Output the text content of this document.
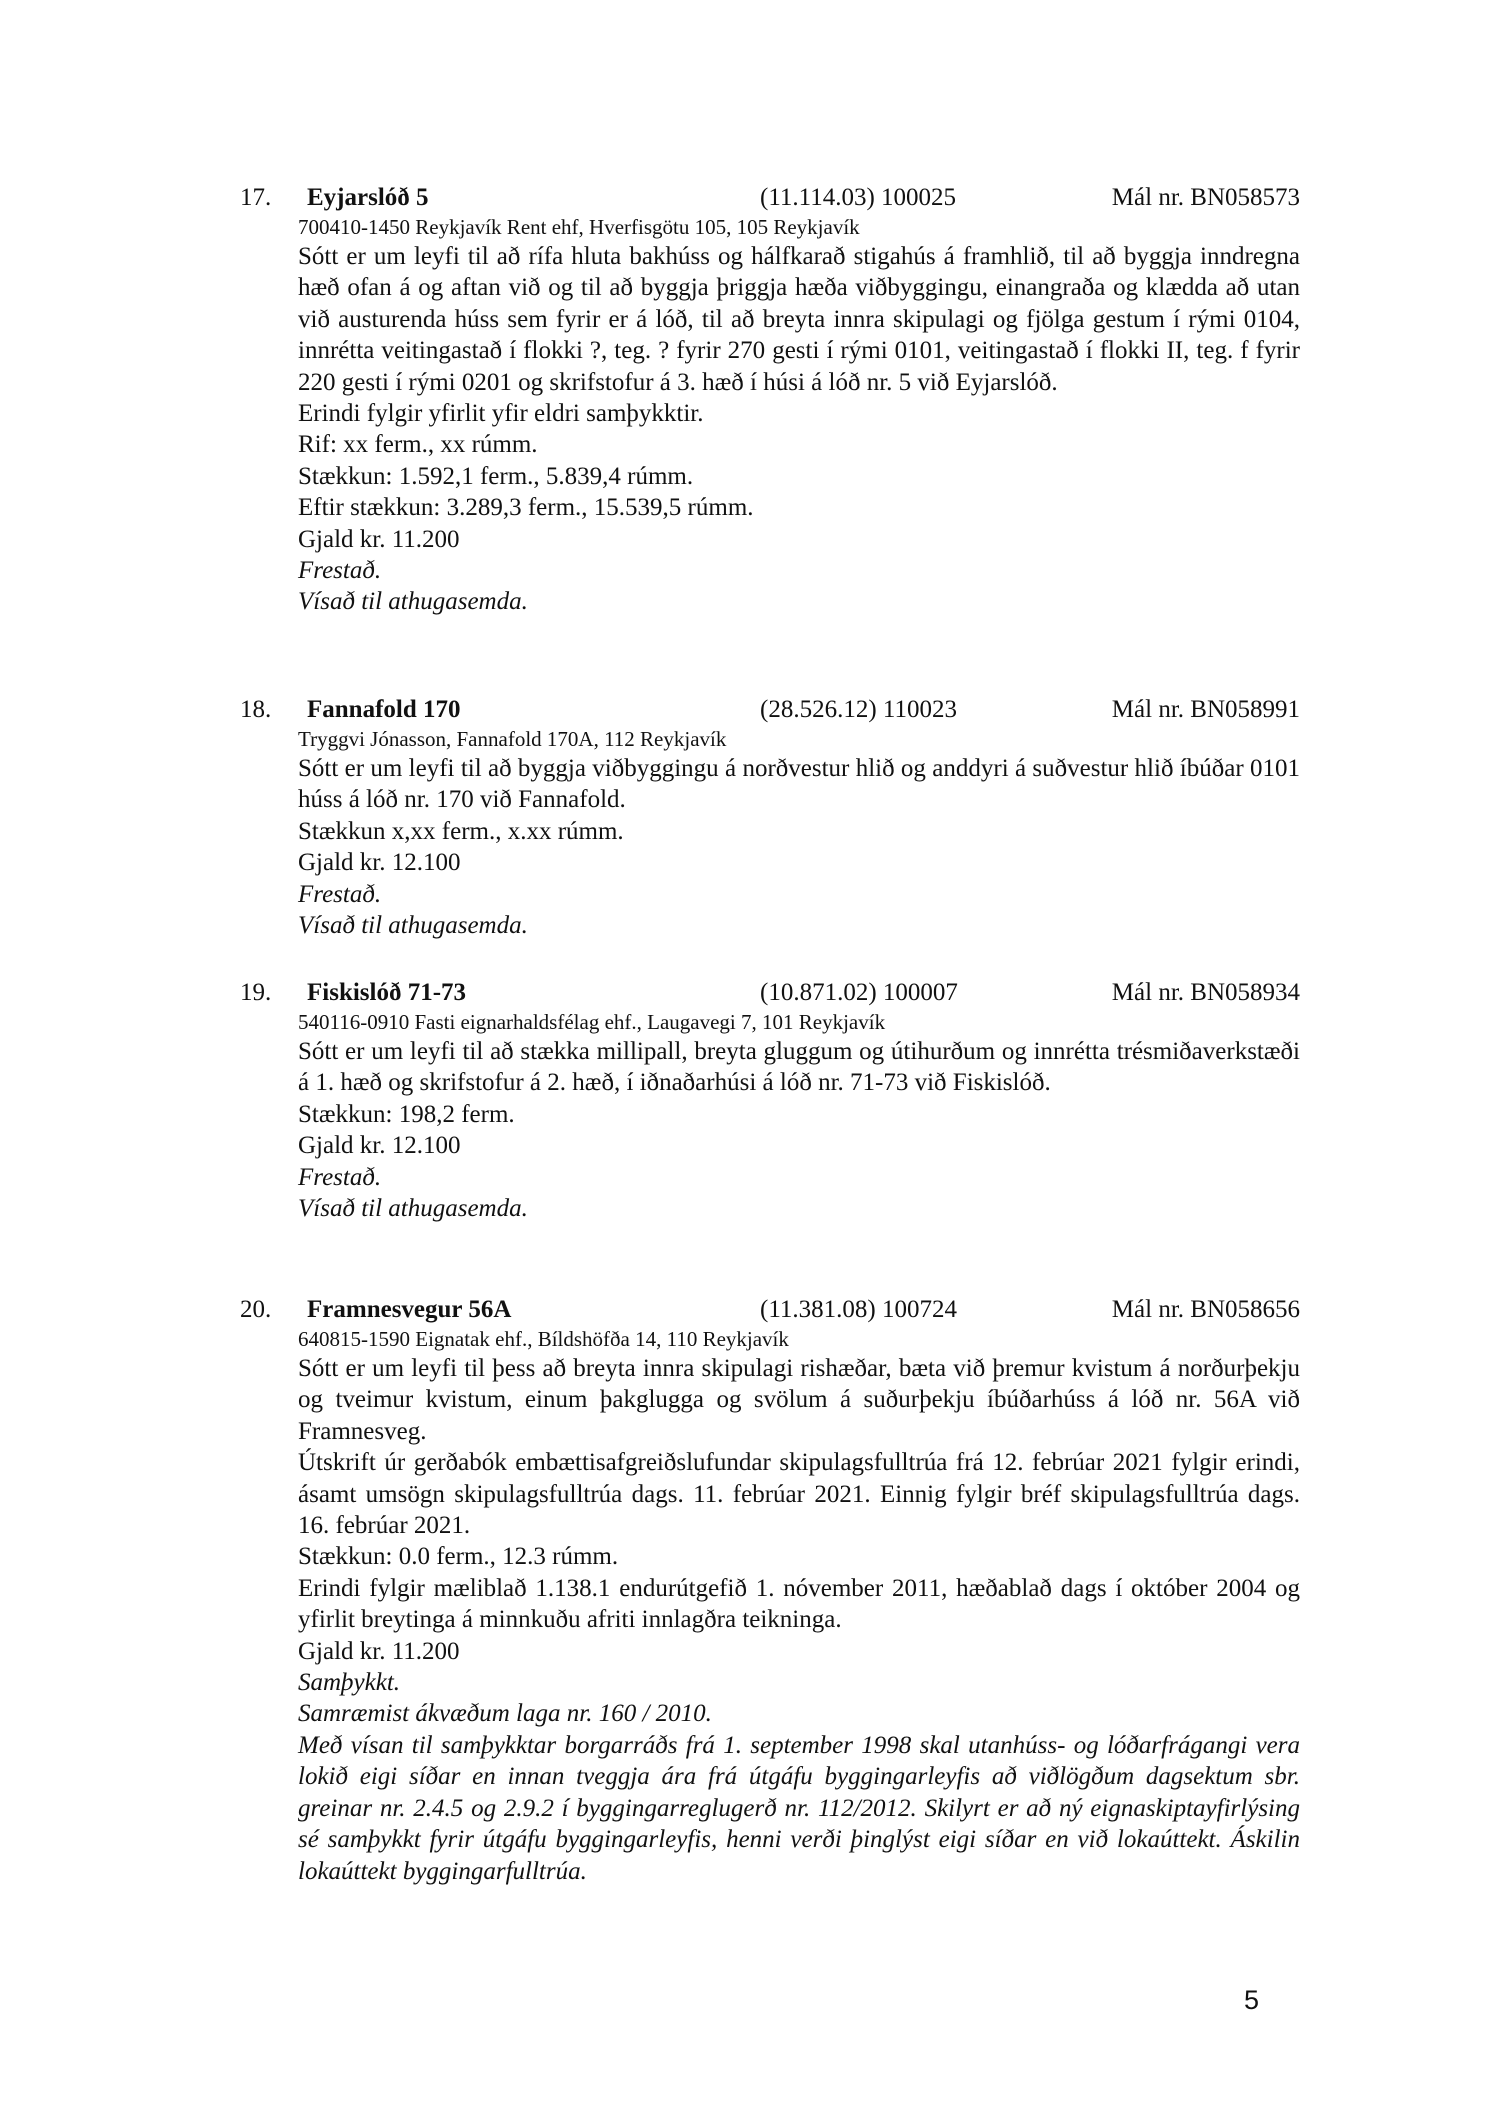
17. Eyjarslóð 5	(11.114.03) 100025	Mál nr. BN058573
700410-1450 Reykjavík Rent ehf, Hverfisgötu 105, 105 Reykjavík

Sótt er um leyfi til að rífa hluta bakhúss og hálfkarað stigahús á framhlið, til að byggja inndregna hæð ofan á og aftan við og til að byggja þriggja hæða viðbyggingu, einangraða og klædda að utan við austurenda húss sem fyrir er á lóð, til að breyta innra skipulagi og fjölga gestum í rými 0104, innrétta veitingastað í flokki ?, teg. ? fyrir 270 gesti í rými 0101, veitingastað í flokki II, teg. f fyrir 220 gesti í rými 0201 og skrifstofur á 3. hæð í húsi á lóð nr. 5 við Eyjarslóð.

Erindi fylgir yfirlit yfir eldri samþykktir.

Rif: xx ferm., xx rúmm.

Stækkun: 1.592,1 ferm., 5.839,4 rúmm.

Eftir stækkun: 3.289,3 ferm., 15.539,5 rúmm.

Gjald kr. 11.200

Frestað.

Vísað til athugasemda.

18. Fannafold 170	(28.526.12) 110023	Mál nr. BN058991
Tryggvi Jónasson, Fannafold 170A, 112 Reykjavík

Sótt er um leyfi til að byggja viðbyggingu á norðvestur hlið og anddyri á suðvestur hlið íbúðar 0101 húss á lóð nr. 170 við Fannafold.

Stækkun x,xx ferm., x.xx rúmm.

Gjald kr. 12.100

Frestað.

Vísað til athugasemda.

19. Fiskislóð 71-73	(10.871.02) 100007	Mál nr. BN058934
540116-0910 Fasti eignarhaldsfélag ehf., Laugavegi 7, 101 Reykjavík

Sótt er um leyfi til að stækka millipall, breyta gluggum og útihurðum og innrétta trésmiðaverkstæði á 1. hæð og skrifstofur á 2. hæð, í iðnaðarhúsi á lóð nr. 71-73 við Fiskislóð.

Stækkun: 198,2 ferm.

Gjald kr. 12.100

Frestað.

Vísað til athugasemda.

20. Framnesvegur 56A	(11.381.08) 100724	Mál nr. BN058656
640815-1590 Eignatak ehf., Bíldshöfða 14, 110 Reykjavík

Sótt er um leyfi til þess að breyta innra skipulagi rishæðar, bæta við þremur kvistum á norðurþekju og tveimur kvistum, einum þakglugga og svölum á suðurþekju íbúðarhúss á lóð nr. 56A við Framnesveg.

Útskrift úr gerðabók embættisafgreiðslufundar skipulagsfulltrúa frá 12. febrúar 2021 fylgir erindi, ásamt umsögn skipulagsfulltrúa dags. 11. febrúar 2021. Einnig fylgir bréf skipulagsfulltrúa dags. 16. febrúar 2021.

Stækkun: 0.0 ferm., 12.3 rúmm.

Erindi fylgir mæliblað 1.138.1 endurútgefið 1. nóvember 2011, hæðablað dags í október 2004 og yfirlit breytinga á minnkuðu afriti innlagðra teikninga.

Gjald kr. 11.200

Samþykkt.

Samræmist ákvæðum laga nr. 160 / 2010.

Með vísan til samþykktar borgarráðs frá 1. september 1998 skal utanhúss- og lóðarfrágangi vera lokið eigi síðar en innan tveggja ára frá útgáfu byggingarleyfis að viðlögðum dagsektum sbr. greinar nr. 2.4.5 og 2.9.2 í byggingarreglugerð nr. 112/2012. Skilyrt er að ný eignaskiptayfirlýsing sé samþykkt fyrir útgáfu byggingarleyfis, henni verði þinglýst eigi síðar en við lokaúttekt. Áskilin lokaúttekt byggingarfulltrúa.

5
